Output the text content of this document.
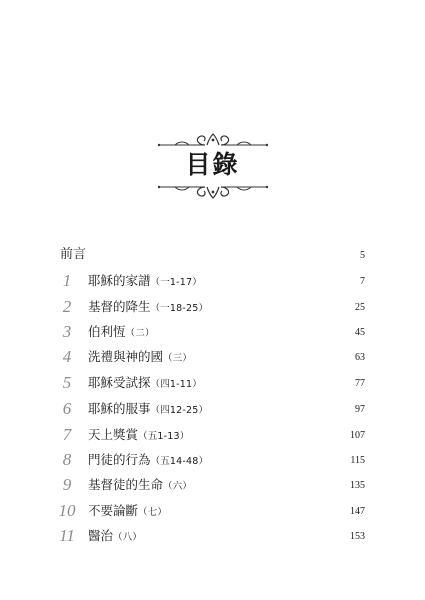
目錄
前言	5
1	耶穌的家譜（一1-17）	7
2	基督的降生（一18-25）	25
3	伯利恆（二）	45
4	洗禮與神的國（三）	63
5	耶穌受試探（四1-11）	77
6	耶穌的服事（四12-25）	97
7	天上獎賞（五1-13）	107
8	門徒的行為（五14-48）	115
9	基督徒的生命（六）	135
10 不要論斷（七）	147
11 醫治（八）	153
